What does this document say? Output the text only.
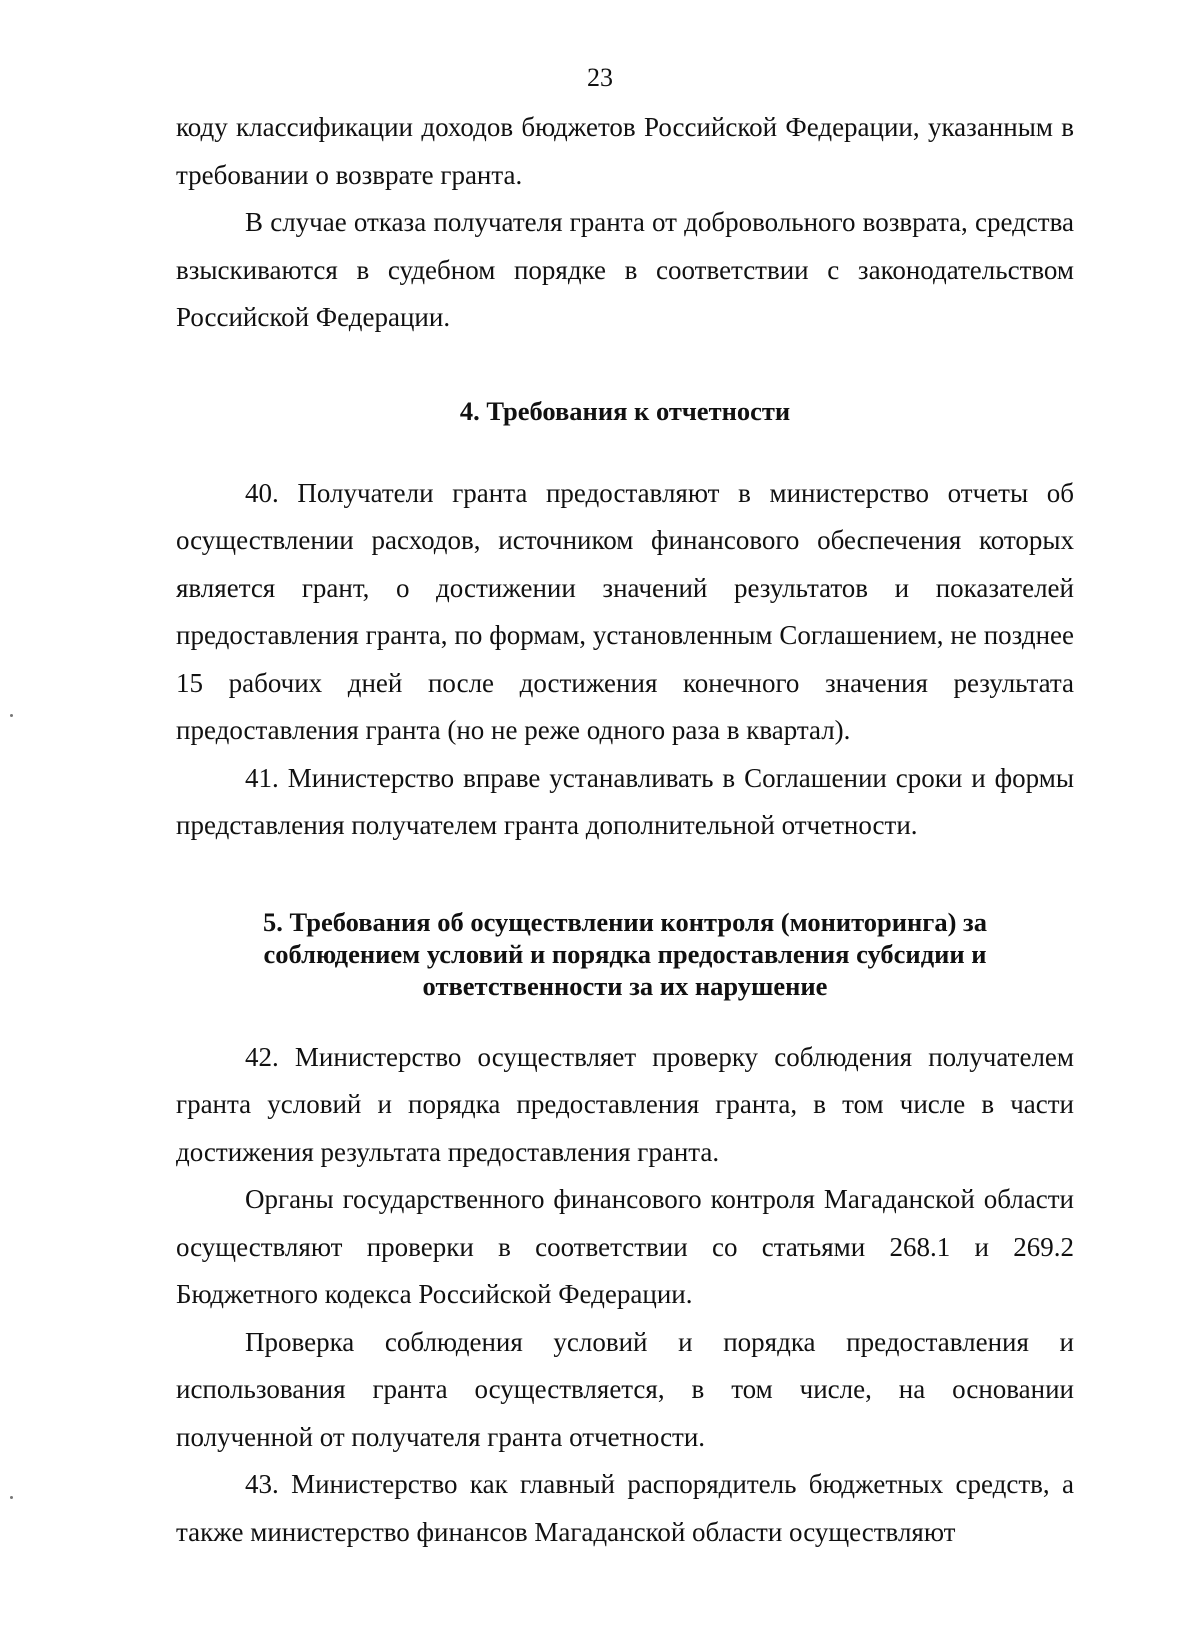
23

коду классификации доходов бюджетов Российской Федерации, указанным в требовании о возврате гранта.

В случае отказа получателя гранта от добровольного возврата, средства взыскиваются в судебном порядке в соответствии с законодательством Российской Федерации.

4. Требования к отчетности

40. Получатели гранта предоставляют в министерство отчеты об осуществлении расходов, источником финансового обеспечения которых является грант, о достижении значений результатов и показателей предоставления гранта, по формам, установленным Соглашением, не позднее 15 рабочих дней после достижения конечного значения результата предоставления гранта (но не реже одного раза в квартал).

41. Министерство вправе устанавливать в Соглашении сроки и формы представления получателем гранта дополнительной отчетности.

5. Требования об осуществлении контроля (мониторинга) за

соблюдением условий и порядка предоставления субсидии и

ответственности за их нарушение

42. Министерство осуществляет проверку соблюдения получателем гранта условий и порядка предоставления гранта, в том числе в части достижения результата предоставления гранта.

Органы государственного финансового контроля Магаданской области осуществляют проверки в соответствии со статьями 268.1 и 269.2 Бюджетного кодекса Российской Федерации.

Проверка соблюдения условий и порядка предоставления и использования гранта осуществляется, в том числе, на основании полученной от получателя гранта отчетности.

43. Министерство как главный распорядитель бюджетных средств, а также министерство финансов Магаданской области осуществляют
